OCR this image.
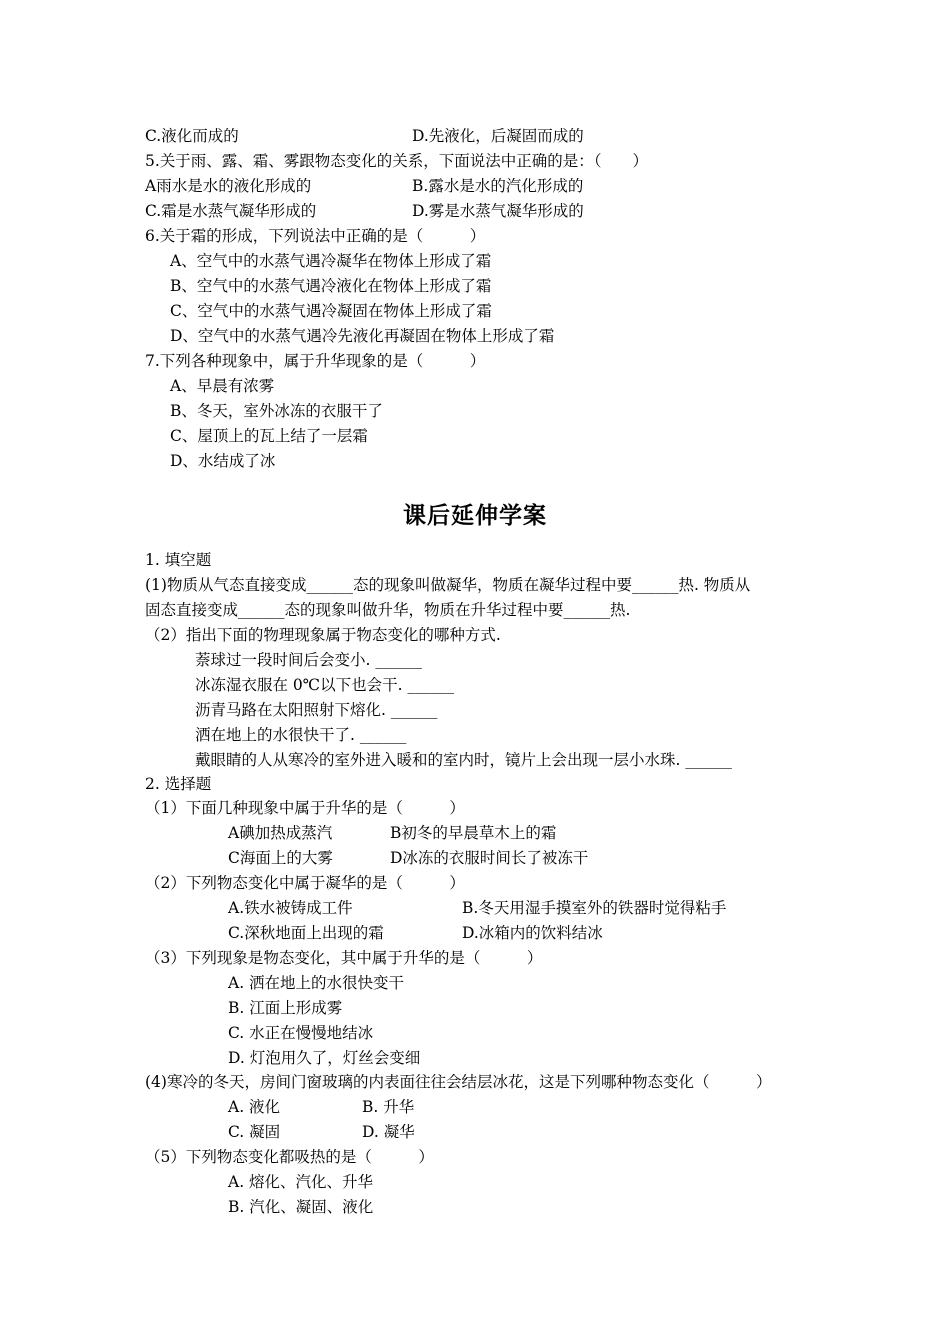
C.液化而成的	D.先液化，后凝固而成的
5.关于雨、露、霜、雾跟物态变化的关系，下面说法中正确的是：（　　）
A雨水是水的液化形成的	B.露水是水的汽化形成的
C.霜是水蒸气凝华形成的	D.雾是水蒸气凝华形成的
6.关于霜的形成，下列说法中正确的是（　　　）
A、空气中的水蒸气遇冷凝华在物体上形成了霜
B、空气中的水蒸气遇冷液化在物体上形成了霜
C、空气中的水蒸气遇冷凝固在物体上形成了霜
D、空气中的水蒸气遇冷先液化再凝固在物体上形成了霜
7.下列各种现象中，属于升华现象的是（　　　）
A、早晨有浓雾
B、冬天，室外冰冻的衣服干了
C、屋顶上的瓦上结了一层霜
D、水结成了冰
课后延伸学案
1. 填空题
(1)物质从气态直接变成______态的现象叫做凝华，物质在凝华过程中要______热. 物质从
固态直接变成______态的现象叫做升华，物质在升华过程中要______热.
（2）指出下面的物理现象属于物态变化的哪种方式.
萘球过一段时间后会变小. ______
冰冻湿衣服在 0℃以下也会干. ______
沥青马路在太阳照射下熔化. ______
洒在地上的水很快干了. ______
戴眼睛的人从寒冷的室外进入暖和的室内时，镜片上会出现一层小水珠. ______
2. 选择题
（1）下面几种现象中属于升华的是（　　　）
A碘加热成蒸汽	B初冬的早晨草木上的霜
C海面上的大雾	D冰冻的衣服时间长了被冻干
（2）下列物态变化中属于凝华的是（　　　）
A.铁水被铸成工件	B.冬天用湿手摸室外的铁器时觉得粘手
C.深秋地面上出现的霜	D.冰箱内的饮料结冰
（3）下列现象是物态变化，其中属于升华的是（　　　）
A. 洒在地上的水很快变干
B. 江面上形成雾
C. 水正在慢慢地结冰
D. 灯泡用久了，灯丝会变细
(4)寒冷的冬天，房间门窗玻璃的内表面往往会结层冰花，这是下列哪种物态变化（　　　）
A. 液化	B. 升华
C. 凝固	D. 凝华
（5）下列物态变化都吸热的是（　　　）
A. 熔化、汽化、升华
B. 汽化、凝固、液化
